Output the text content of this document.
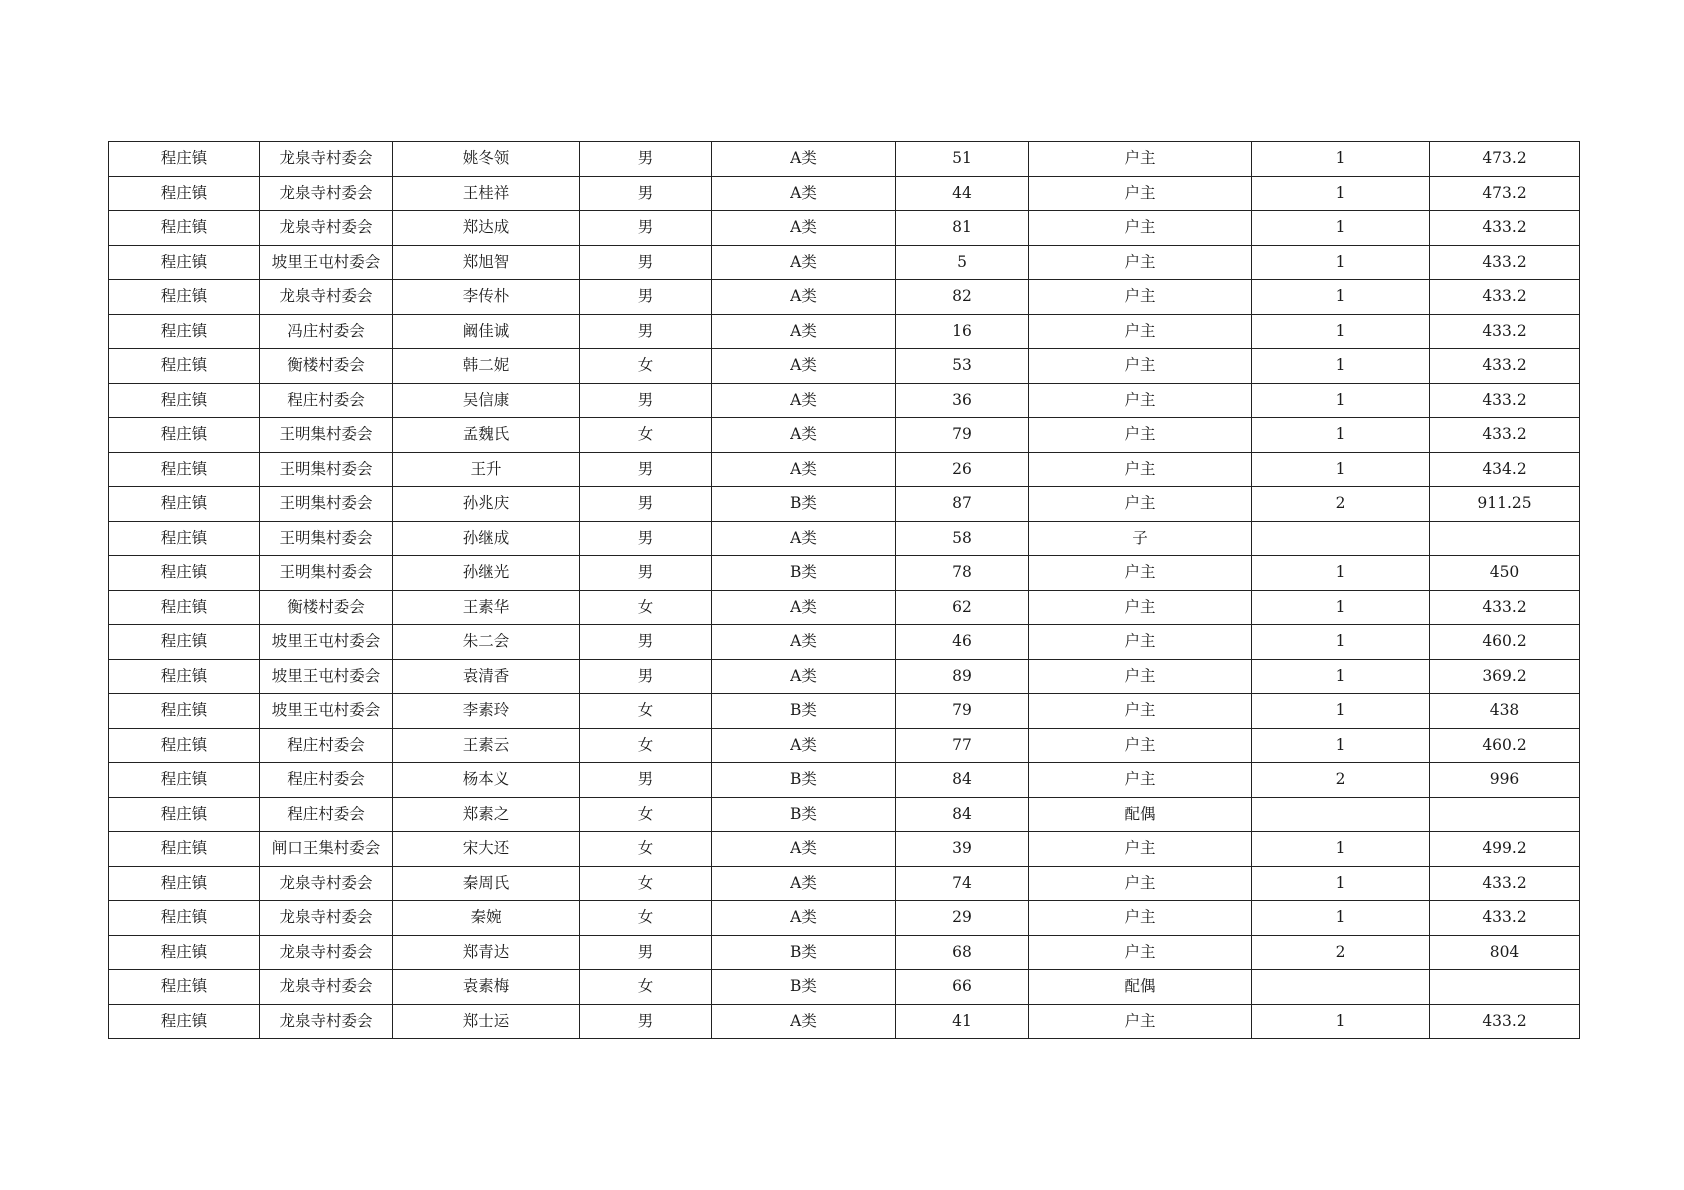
程庄镇	龙泉寺村委会	姚冬领	男	A类	51	户主	1	473.2
程庄镇	龙泉寺村委会	王桂祥	男	A类	44	户主	1	473.2
程庄镇	龙泉寺村委会	郑达成	男	A类	81	户主	1	433.2
程庄镇	坡里王屯村委会	郑旭智	男	A类	5	户主	1	433.2
程庄镇	龙泉寺村委会	李传朴	男	A类	82	户主	1	433.2
程庄镇	冯庄村委会	阚佳诚	男	A类	16	户主	1	433.2
程庄镇	衡楼村委会	韩二妮	女	A类	53	户主	1	433.2
程庄镇	程庄村委会	吴信康	男	A类	36	户主	1	433.2
程庄镇	王明集村委会	孟魏氏	女	A类	79	户主	1	433.2
程庄镇	王明集村委会	王升	男	A类	26	户主	1	434.2
程庄镇	王明集村委会	孙兆庆	男	B类	87	户主	2	911.25
程庄镇	王明集村委会	孙继成	男	A类	58	子		
程庄镇	王明集村委会	孙继光	男	B类	78	户主	1	450
程庄镇	衡楼村委会	王素华	女	A类	62	户主	1	433.2
程庄镇	坡里王屯村委会	朱二会	男	A类	46	户主	1	460.2
程庄镇	坡里王屯村委会	袁清香	男	A类	89	户主	1	369.2
程庄镇	坡里王屯村委会	李素玲	女	B类	79	户主	1	438
程庄镇	程庄村委会	王素云	女	A类	77	户主	1	460.2
程庄镇	程庄村委会	杨本义	男	B类	84	户主	2	996
程庄镇	程庄村委会	郑素之	女	B类	84	配偶		
程庄镇	闸口王集村委会	宋大还	女	A类	39	户主	1	499.2
程庄镇	龙泉寺村委会	秦周氏	女	A类	74	户主	1	433.2
程庄镇	龙泉寺村委会	秦婉	女	A类	29	户主	1	433.2
程庄镇	龙泉寺村委会	郑青达	男	B类	68	户主	2	804
程庄镇	龙泉寺村委会	袁素梅	女	B类	66	配偶		
程庄镇	龙泉寺村委会	郑士运	男	A类	41	户主	1	433.2
